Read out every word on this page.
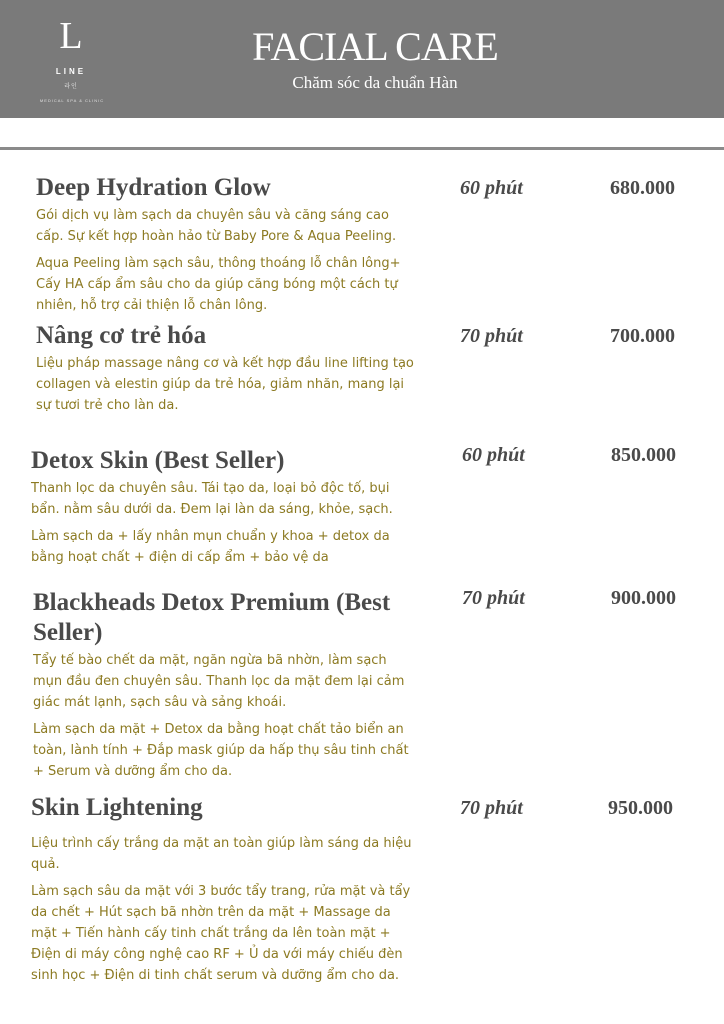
L
LINE
라인
MEDICAL SPA & CLINIC
FACIAL CARE
Chăm sóc da chuẩn Hàn
Deep Hydration Glow
Gói dịch vụ làm sạch da chuyên sâu và căng sáng cao cấp. Sự kết hợp hoàn hảo từ Baby Pore & Aqua Peeling.
Aqua Peeling làm sạch sâu, thông thoáng lỗ chân lông+ Cấy HA cấp ẩm sâu cho da giúp căng bóng một cách tự nhiên, hỗ trợ cải thiện lỗ chân lông.
60 phút	680.000
Nâng cơ trẻ hóa
Liệu pháp massage nâng cơ và kết hợp đầu line lifting tạo collagen và elestin giúp da trẻ hóa, giảm nhăn, mang lại sự tươi trẻ cho làn da.
70 phút	700.000
Detox Skin (Best Seller)
Thanh lọc da chuyên sâu. Tái tạo da, loại bỏ độc tố, bụi bẩn. nằm sâu dưới da. Đem lại làn da sáng, khỏe, sạch.
Làm sạch da + lấy nhân mụn chuẩn y khoa + detox da bằng hoạt chất + điện di cấp ẩm + bảo vệ da
60 phút	850.000
Blackheads Detox Premium (Best Seller)
Tẩy tế bào chết da mặt, ngăn ngừa bã nhờn, làm sạch mụn đầu đen chuyên sâu. Thanh lọc da mặt đem lại cảm giác mát lạnh, sạch sâu và sảng khoái.
Làm sạch da mặt + Detox da bằng hoạt chất tảo biển an toàn, lành tính + Đắp mask giúp da hấp thụ sâu tinh chất + Serum và dưỡng ẩm cho da.
70 phút	900.000
Skin Lightening
Liệu trình cấy trắng da mặt an toàn giúp làm sáng da hiệu quả.
Làm sạch sâu da mặt với 3 bước tẩy trang, rửa mặt và tẩy da chết + Hút sạch bã nhờn trên da mặt + Massage da mặt + Tiến hành cấy tinh chất trắng da lên toàn mặt + Điện di máy công nghệ cao RF + Ủ da với máy chiếu đèn sinh học + Điện di tinh chất serum và dưỡng ẩm cho da.
70 phút	950.000
